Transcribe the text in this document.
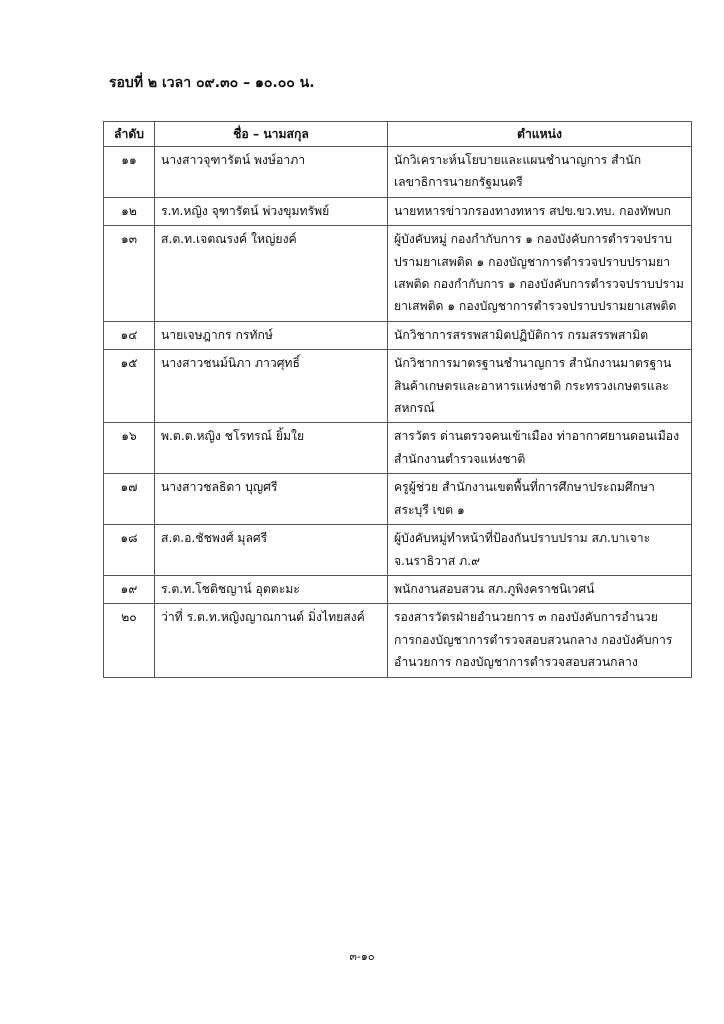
รอบที่ ๒ เวลา ๐๙.๓๐ – ๑๐.๐๐ น.
ลำดับ	ชื่อ – นามสกุล	ตำแหน่ง
๑๑	นางสาวจุฑารัตน์ พงษ์อาภา	นักวิเคราะห์นโยบายและแผนชำนาญการ สำนักเลขาธิการนายกรัฐมนตรี
๑๒	ร.ท.หญิง จุฑารัตน์ พ่วงขุมทรัพย์	นายทหารข่าวกรองทางทหาร สปข.ขว.ทบ. กองทัพบก
๑๓	ส.ต.ท.เจตณรงค์ ใหญ่ยงค์	ผู้บังคับหมู่ กองกำกับการ ๑ กองบังคับการตำรวจปราบปรามยาเสพติด ๑ กองบัญชาการตำรวจปราบปรามยาเสพติด กองกำกับการ ๑ กองบังคับการตำรวจปราบปรามยาเสพติด ๑ กองบัญชาการตำรวจปราบปรามยาเสพติด
๑๔	นายเจษฎากร กรทักษ์	นักวิชาการสรรพสามิตปฏิบัติการ กรมสรรพสามิต
๑๕	นางสาวชนม์นิภา ภาวศุทธิ์	นักวิชาการมาตรฐานชำนาญการ สำนักงานมาตรฐานสินค้าเกษตรและอาหารแห่งชาติ กระทรวงเกษตรและสหกรณ์
๑๖	พ.ต.ต.หญิง ชโรทรณ์ ยิ้มใย	สารวัตร ด่านตรวจคนเข้าเมือง ท่าอากาศยานดอนเมืองสำนักงานตำรวจแห่งชาติ
๑๗	นางสาวชลธิดา บุญศรี	ครูผู้ช่วย สำนักงานเขตพื้นที่การศึกษาประถมศึกษาสระบุรี เขต ๑
๑๘	ส.ต.อ.ชัชพงศ์ มุลศรี	ผู้บังคับหมู่ทำหน้าที่ป้องกันปราบปราม สภ.บาเจาะ จ.นราธิวาส ภ.๙
๑๙	ร.ต.ท.โชติชญาน์ อุตตะมะ	พนักงานสอบสวน สภ.ภูพิงคราชนิเวศน์
๒๐	ว่าที่ ร.ต.ท.หญิงญาณกานต์ มิ่งไทยสงค์	รองสารวัตรฝ่ายอำนวยการ ๓ กองบังคับการอำนวยการกองบัญชาการตำรวจสอบสวนกลาง กองบังคับการอำนวยการ กองบัญชาการตำรวจสอบสวนกลาง
๓-๑๐
